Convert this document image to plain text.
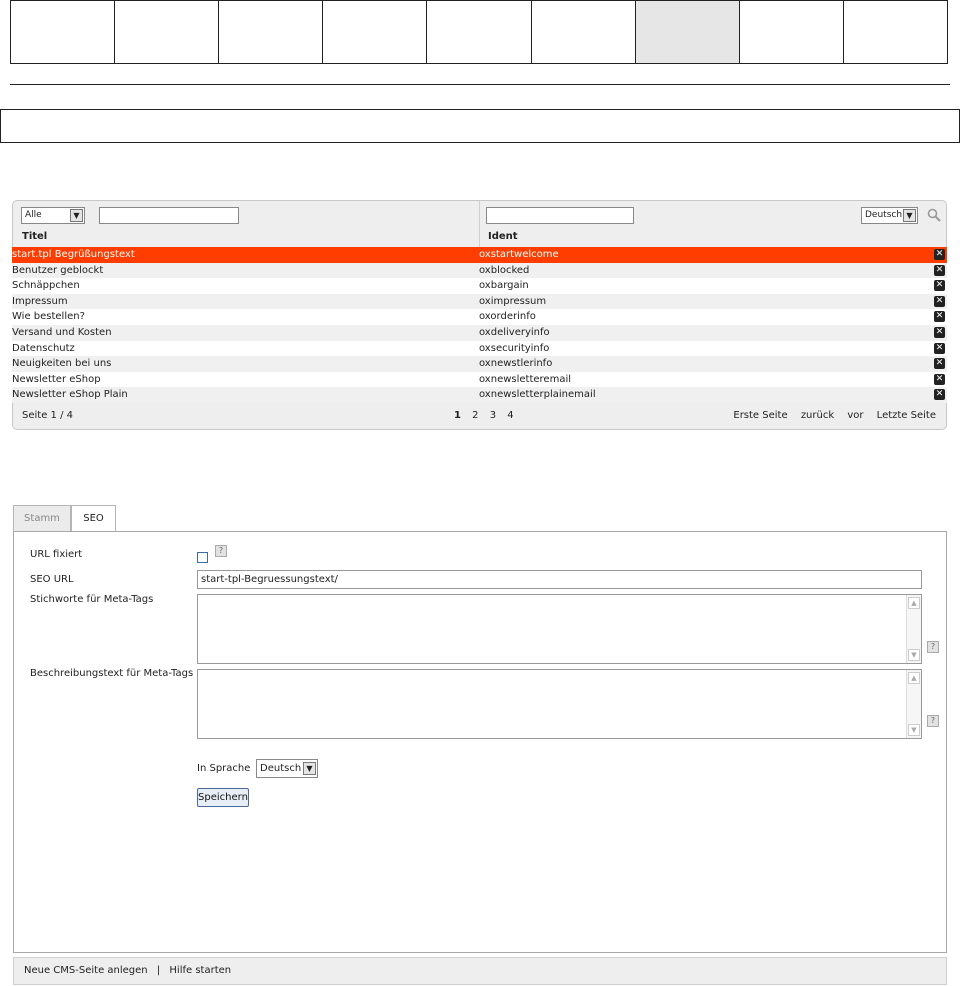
Alle	▼	Deutsch ▼
Titel	Ident
start.tpl Begrüßungstext	oxstartwelcome	✕
Benutzer geblockt	oxblocked	✕
Schnäppchen	oxbargain	✕
Impressum	oximpressum	✕
Wie bestellen?	oxorderinfo	✕
Versand und Kosten	oxdeliveryinfo	✕
Datenschutz	oxsecurityinfo	✕
Neuigkeiten bei uns	oxnewstlerinfo	✕
Newsletter eShop	oxnewsletteremail	✕
Newsletter eShop Plain	oxnewsletterplainemail	✕
Seite 1 / 4	1 2 3 4	Erste Seite zurück vor Letzte Seite
Stamm	SEO
URL fixiert	?
SEO URL	start-tpl-Begruessungstext/
Stichworte für Meta-Tags	▲
▼
?
Beschreibungstext für Meta-Tags	▲
▼
?
In Sprache Deutsch ▼
Speichern
Neue CMS-Seite anlegen | Hilfe starten
